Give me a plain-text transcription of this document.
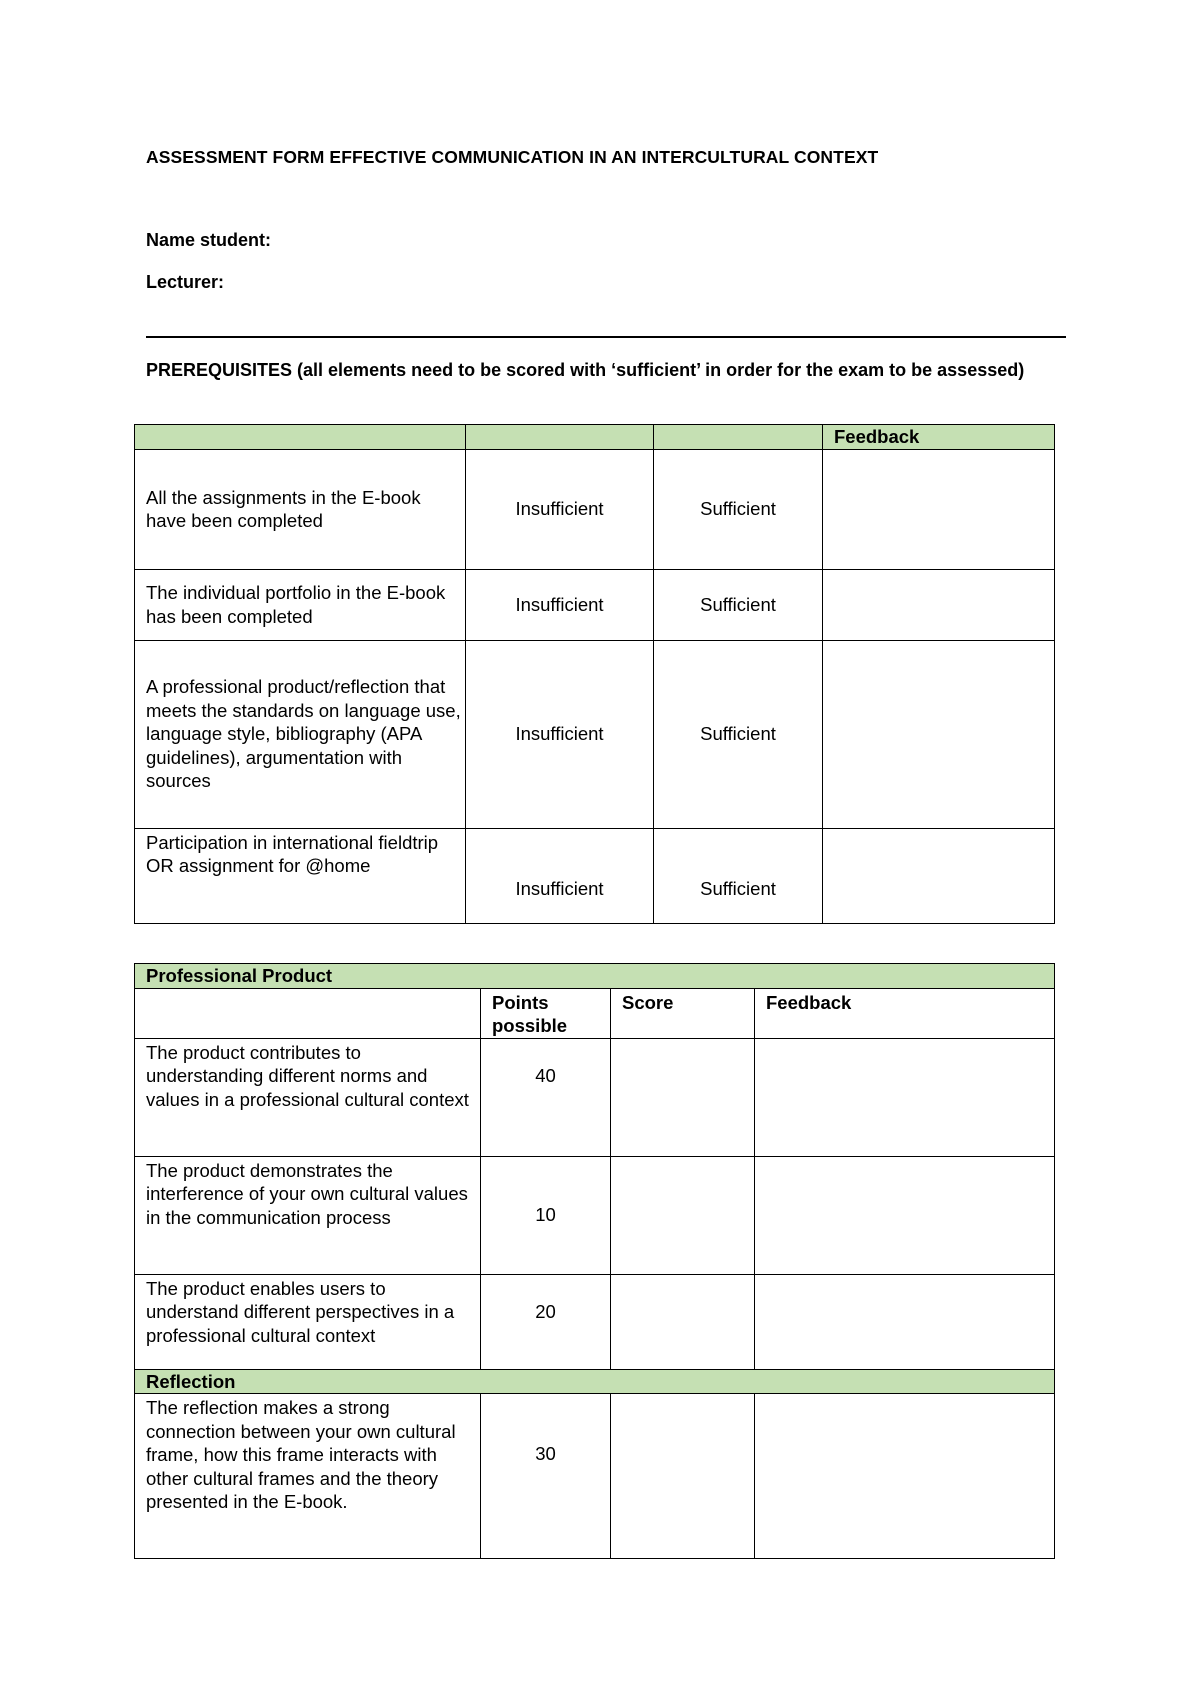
ASSESSMENT FORM EFFECTIVE COMMUNICATION IN AN INTERCULTURAL CONTEXT
Name student:
Lecturer:
PREREQUISITES (all elements need to be scored with ‘sufficient’ in order for the exam to be assessed)
			Feedback
All the assignments in the E-book have been completed	Insufficient	Sufficient	
The individual portfolio in the E-book has been completed	Insufficient	Sufficient	
A professional product/reflection that meets the standards on language use, language style, bibliography (APA guidelines), argumentation with sources	Insufficient	Sufficient	
Participation in international fieldtrip OR assignment for @home	Insufficient	Sufficient	
Professional Product			
	Points possible	Score	Feedback
The product contributes to understanding different norms and values in a professional cultural context	40		
The product demonstrates the interference of your own cultural values in the communication process	10		
The product enables users to understand different perspectives in a professional cultural context	20		
Reflection			
The reflection makes a strong connection between your own cultural frame, how this frame interacts with other cultural frames and the theory presented in the E-book.	30		
